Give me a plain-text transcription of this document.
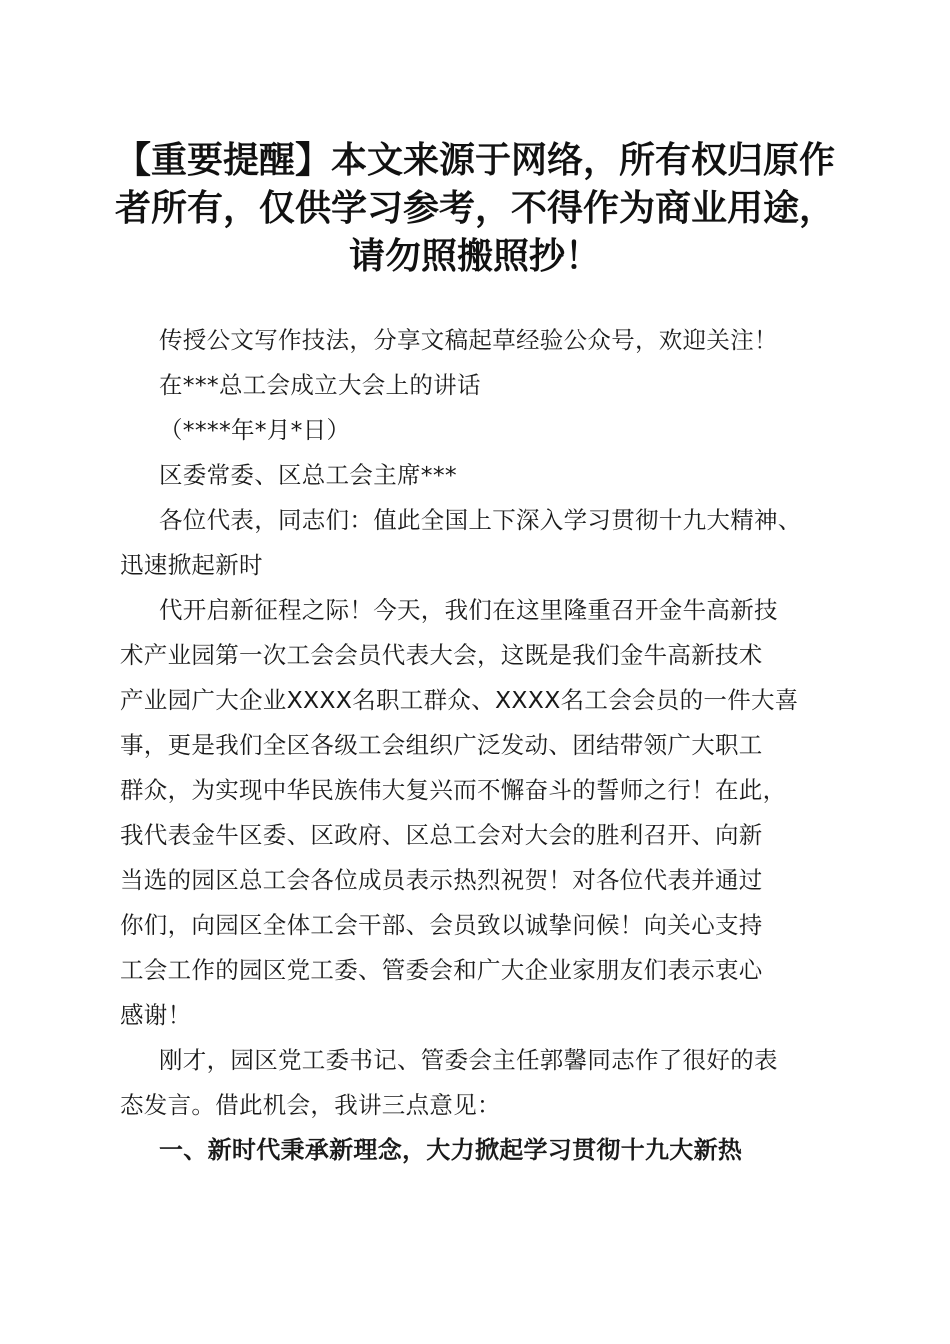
【重要提醒】本文来源于网络，所有权归原作
者所有，仅供学习参考，不得作为商业用途，
请勿照搬照抄！
传授公文写作技法，分享文稿起草经验公众号，欢迎关注！
在***总工会成立大会上的讲话
（****年*月*日）
区委常委、区总工会主席***
各位代表，同志们：值此全国上下深入学习贯彻十九大精神、
迅速掀起新时
代开启新征程之际！今天，我们在这里隆重召开金牛高新技
术产业园第一次工会会员代表大会，这既是我们金牛高新技术
产业园广大企业XXXX名职工群众、XXXX名工会会员的一件大喜
事，更是我们全区各级工会组织广泛发动、团结带领广大职工
群众，为实现中华民族伟大复兴而不懈奋斗的誓师之行！在此，
我代表金牛区委、区政府、区总工会对大会的胜利召开、向新
当选的园区总工会各位成员表示热烈祝贺！对各位代表并通过
你们，向园区全体工会干部、会员致以诚挚问候！向关心支持
工会工作的园区党工委、管委会和广大企业家朋友们表示衷心
感谢！
刚才，园区党工委书记、管委会主任郭馨同志作了很好的表
态发言。借此机会，我讲三点意见：
一、新时代秉承新理念，大力掀起学习贯彻十九大新热
